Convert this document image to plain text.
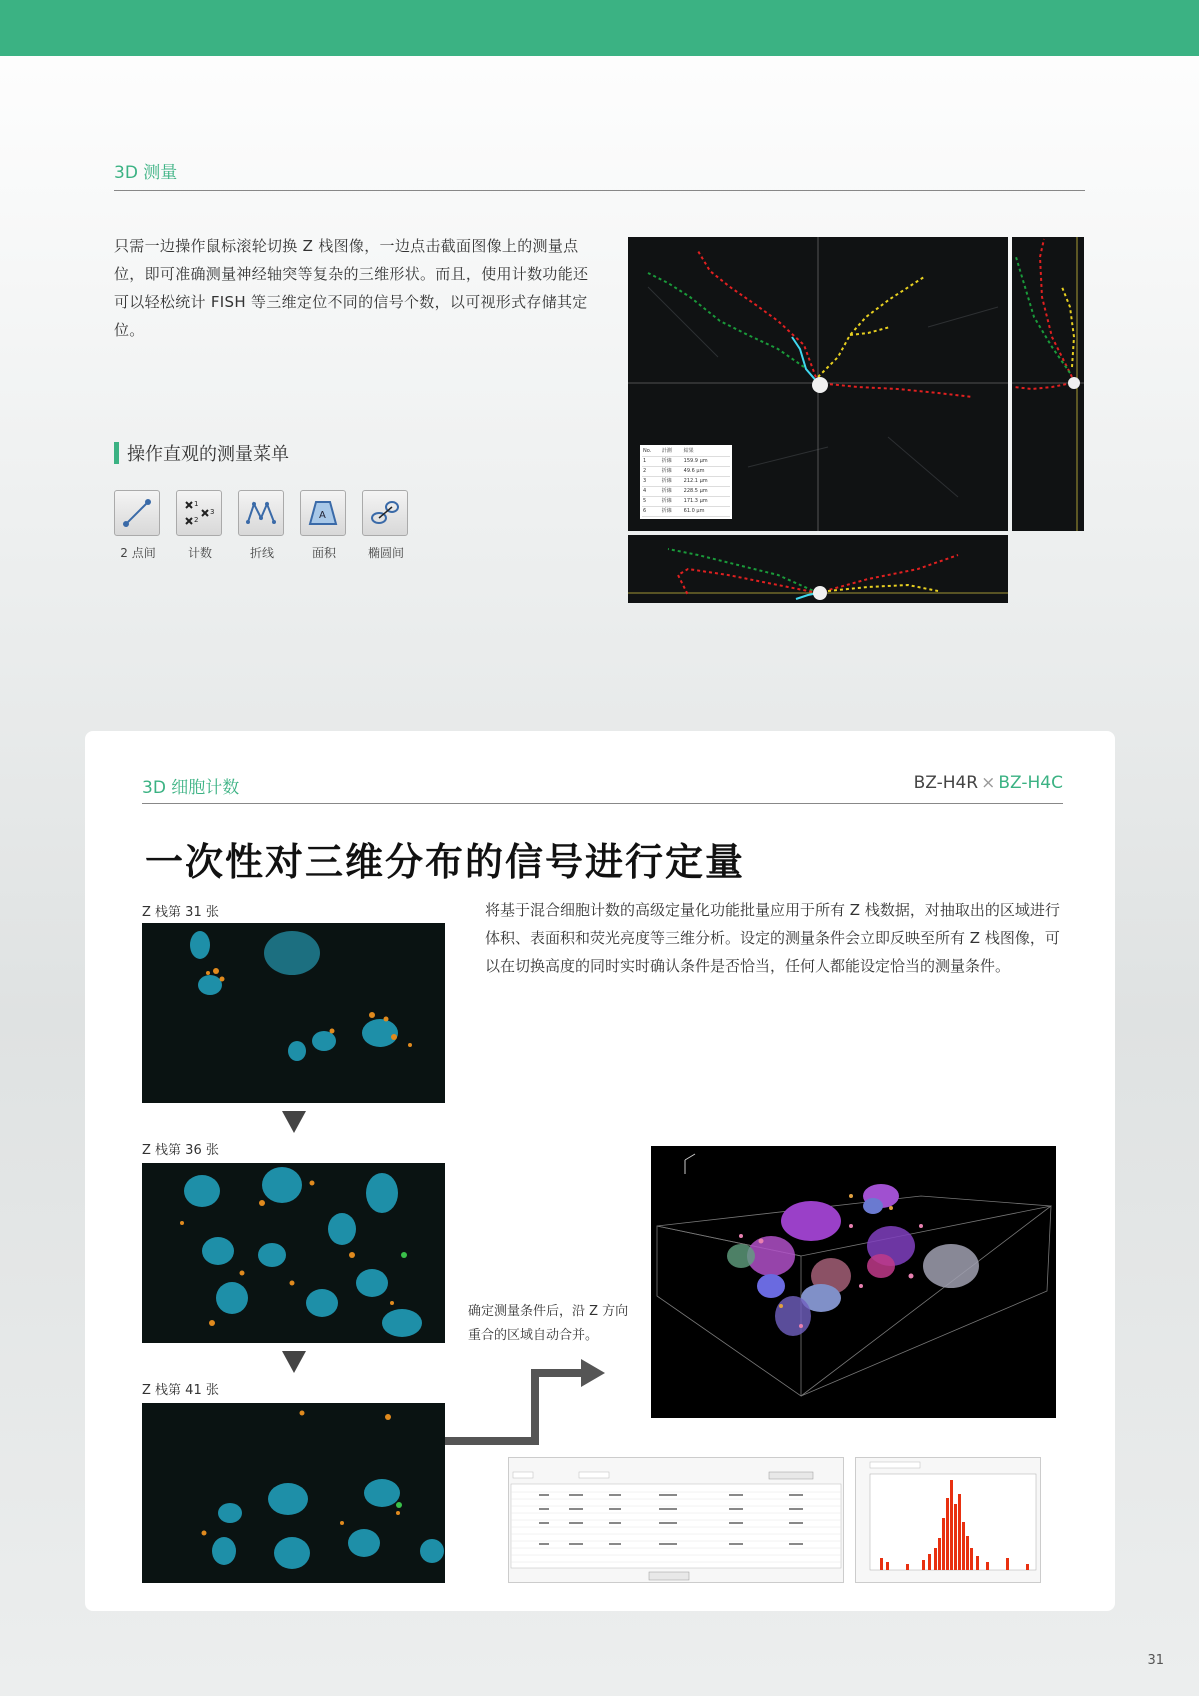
3D 测量

只需一边操作鼠标滚轮切换 Z 栈图像，一边点击截面图像上的测量点位，即可准确测量神经轴突等复杂的三维形状。而且，使用计数功能还可以轻松统计 FISH 等三维定位不同的信号个数，以可视形式存储其定位。

操作直观的测量菜单
2 点间
1
2
3
计数	折线
A
面积	椭圆间
No.	計測	結果
1	折線	159.9 μm
2	折線	49.6 μm
3	折線	212.1 μm
4	折線	228.5 μm
5	折線	171.3 μm
6	折線	61.0 μm
3D 细胞计数	BZ-H4R × BZ-H4C
一次性对三维分布的信号进行定量
Z 栈第 31 张
Z 栈第 36 张
Z 栈第 41 张

将基于混合细胞计数的高级定量化功能批量应用于所有 Z 栈数据，对抽取出的区域进行体积、表面积和荧光亮度等三维分析。设定的测量条件会立即反映至所有 Z 栈图像，可以在切换高度的同时实时确认条件是否恰当，任何人都能设定恰当的测量条件。

确定测量条件后，沿 Z 方向重合的区域自动合并。

31
